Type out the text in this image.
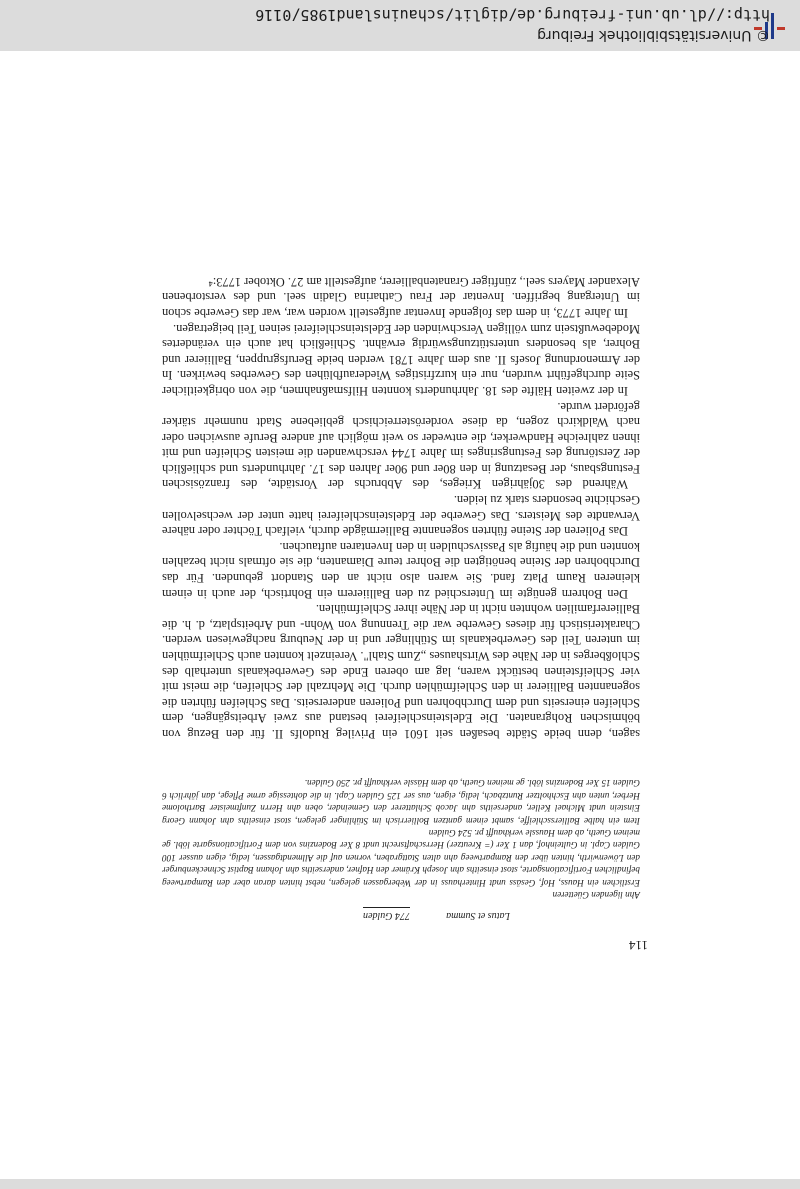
sagen, denn beide Städte besaßen seit 1601 ein Privileg Rudolfs II. für den Bezug von böhmischen Rohgranaten. Die Edelsteinschleiferei bestand aus zwei Arbeitsgängen, dem Schleifen einerseits und dem Durchbohren und Polieren andererseits. Das Schleifen führten die sogenannten Balliierer in den Schleifmühlen durch. Die Mehrzahl der Schleifen, die meist mit vier Schleifsteinen bestückt waren, lag am oberen Ende des Gewerbekanals unterhalb des Schloßberges in der Nähe des Wirtshauses „Zum Stahl". Vereinzelt konnten auch Schleifmühlen im unteren Teil des Gewerbekanals im Stühlinger und in der Neuburg nachgewiesen werden. Charakteristisch für dieses Gewerbe war die Trennung von Wohn- und Arbeitsplatz, d. h. die Balliererfamilien wohnten nicht in der Nähe ihrer Schleifmühlen.

Den Bohrern genügte im Unterschied zu den Balliierern ein Bohrtisch, der auch in einem kleineren Raum Platz fand. Sie waren also nicht an den Standort gebunden. Für das Durchbohren der Steine benötigten die Bohrer teure Diamanten, die sie oftmals nicht bezahlen konnten und die häufig als Passivschulden in den Inventaren auftauchen.

Das Polieren der Steine führten sogenannte Balliermägde durch, vielfach Töchter oder nähere Verwandte des Meisters. Das Gewerbe der Edelsteinschleiferei hatte unter der wechselvollen Geschichte besonders stark zu leiden.

Während des 30jährigen Krieges, des Abbruchs der Vorstädte, des französischen Festungsbaus, der Besatzung in den 80er und 90er Jahren des 17. Jahrhunderts und schließlich der Zerstörung des Festungsringes im Jahre 1744 verschwanden die meisten Schleifen und mit ihnen zahlreiche Handwerker, die entweder so weit möglich auf andere Berufe auswichen oder nach Waldkirch zogen, da diese vorderösterreichisch gebliebene Stadt nunmehr stärker gefördert wurde.

In der zweiten Hälfte des 18. Jahrhunderts konnten Hilfsmaßnahmen, die von obrigkeitlicher Seite durchgeführt wurden, nur ein kurzfristiges Wiederaufblühen des Gewerbes bewirken. In der Armenordnung Josefs II. aus dem Jahre 1781 werden beide Berufsgruppen, Balliierer und Bohrer, als besonders unterstützungswürdig erwähnt. Schließlich hat auch ein verändertes Modebewußtsein zum völligen Verschwinden der Edelsteinschleiferei seinen Teil beigetragen.

Im Jahre 1773, in dem das folgende Inventar aufgestellt worden war, war das Gewerbe schon im Untergang begriffen. Inventar der Frau Catharina Gladin seel. und des verstorbenen Alexander Mayers seel., zünftiger Granatenballierer, aufgestellt am 27. Oktober 1773:⁴

Ahn ligenden Güetteren

Erstlichen ein Hauss, Hof, Gesäss undt Hinterhauss in der Webergassen gelegen, nebst hinten daran aber den Rampartweeg befindlichen Fortificationsgarte, stost einseiths ahn Joseph Krämer den Hafner, anderseiths ahn Johann Baptist Schneckenburger den Löwenwirth, hinten über den Rampartweeg ahn alten Stattgraben, vornen auf die Allmendtgassen, ledig, eigen ausser 100 Gulden Capl. in Gulteinhof, dan 1 Xer (= Kreutzer) Herrschaftsrecht undt 8 Xer Bodenzins von dem Fortificationsgarte löbl. ge meinen Gueth, ab dem Haussle verkhaufft pr. 524 Gulden

Item ein halbe Balliersschleiffe, sambt einem gantzen Bollierrisch im Stühlinger gelegen, stost einseiths ahn Johann Georg Einstein undt Michael Keller, anderseiths ahn Jacob Schlatterer den Gemeinder, oben ahn Herrn Zunftmeister Bartholome Herber, unten ahn Eschholtzer Runtzbach, ledig, eigen, aus ser 125 Gulden Capl. in die dohtessige arme Pflege, dan jährlich 6 Gulden 15 Xer Bodenzins löbl. ge meinen Gueth, ab dem Hässle verkhaufft pr. 250 Gulden.

Latus et Summa774 Gulden
114
© Universitätsbibliothek Freiburg
http://dl.ub.uni-freiburg.de/diglit/schauinsland1985/0116
